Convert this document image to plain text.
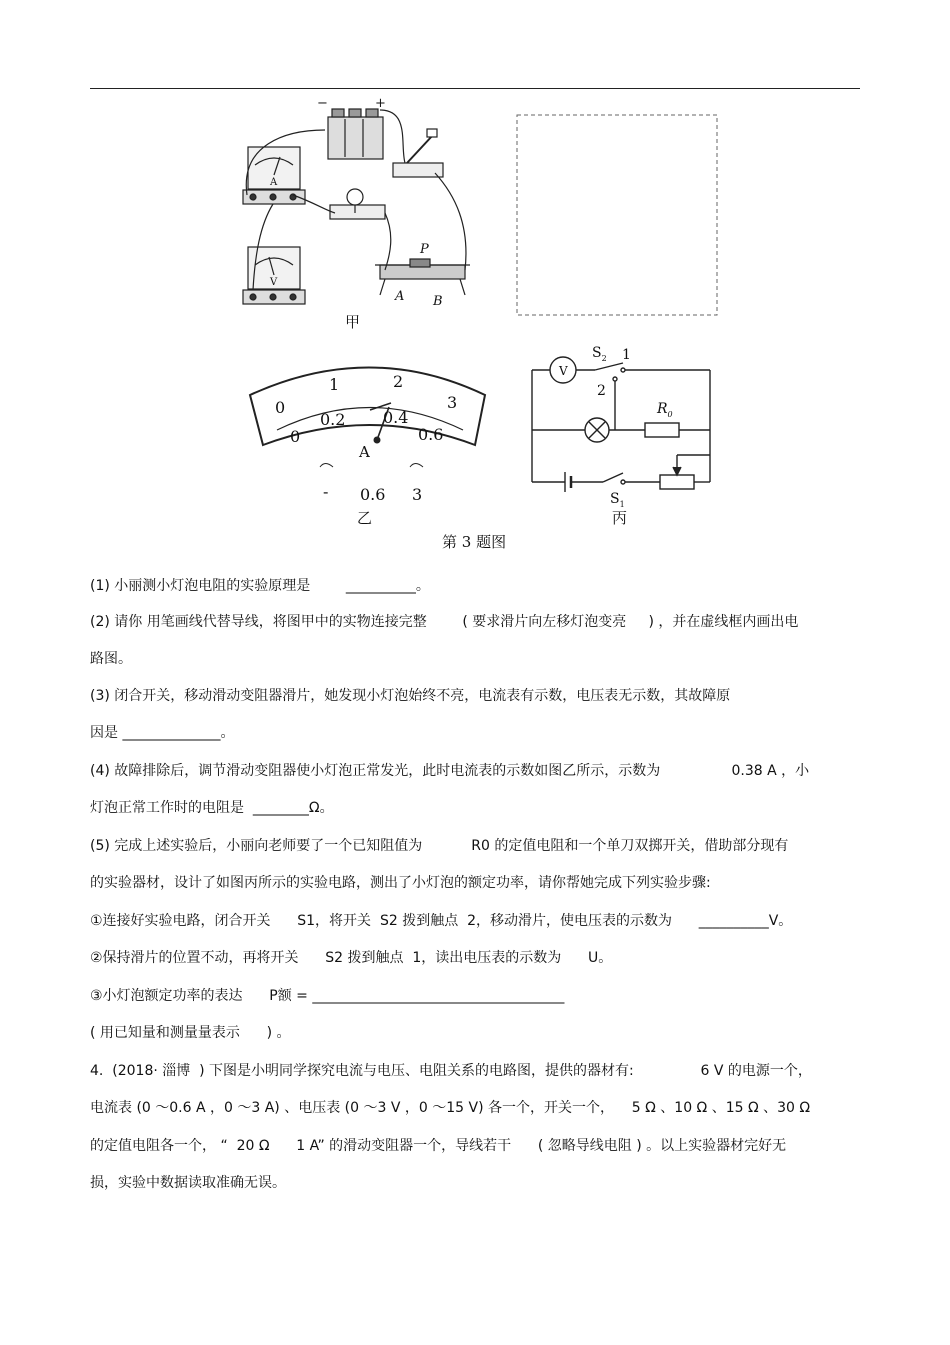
−	+
A
V
P
A B
甲
0
1	2
3
0
0.2 0.4
0.6
A
- 0.6 3
乙
V
$S_2$ 1
2
$R_0$
$S_1$
丙
第 3 题图
(1) 小丽测小灯泡电阻的实验原理是        __________。
(2) 请你 用笔画线代替导线，将图甲中的实物连接完整        ( 要求滑片向左移灯泡变亮     ) ，并在虚线框内画出电
路图。
(3) 闭合开关，移动滑动变阻器滑片，她发现小灯泡始终不亮，电流表有示数，电压表无示数，其故障原
因是 ______________。
(4) 故障排除后，调节滑动变阻器使小灯泡正常发光，此时电流表的示数如图乙所示，示数为                0.38 A ，小
灯泡正常工作时的电阻是  ________Ω。
(5) 完成上述实验后，小丽向老师要了一个已知阻值为           R0 的定值电阻和一个单刀双掷开关，借助部分现有
的实验器材，设计了如图丙所示的实验电路，测出了小灯泡的额定功率，请你帮她完成下列实验步骤:
①连接好实验电路，闭合开关      S1，将开关  S2 拨到触点  2，移动滑片，使电压表的示数为      __________V。
②保持滑片的位置不动，再将开关      S2 拨到触点  1，读出电压表的示数为      U。
③小灯泡额定功率的表达      P额 = ____________________________________
( 用已知量和测量量表示      ) 。
4.  (2018· 淄博  ) 下图是小明同学探究电流与电压、电阻关系的电路图，提供的器材有:               6 V 的电源一个，
电流表 (0 ～0.6 A ，0 ～3 A) 、电压表 (0 ～3 V ，0 ～15 V) 各一个，开关一个，    5 Ω 、10 Ω 、15 Ω 、30 Ω
的定值电阻各一个， “  20 Ω      1 A” 的滑动变阻器一个，导线若干      ( 忽略导线电阻 ) 。以上实验器材完好无
损，实验中数据读取准确无误。
